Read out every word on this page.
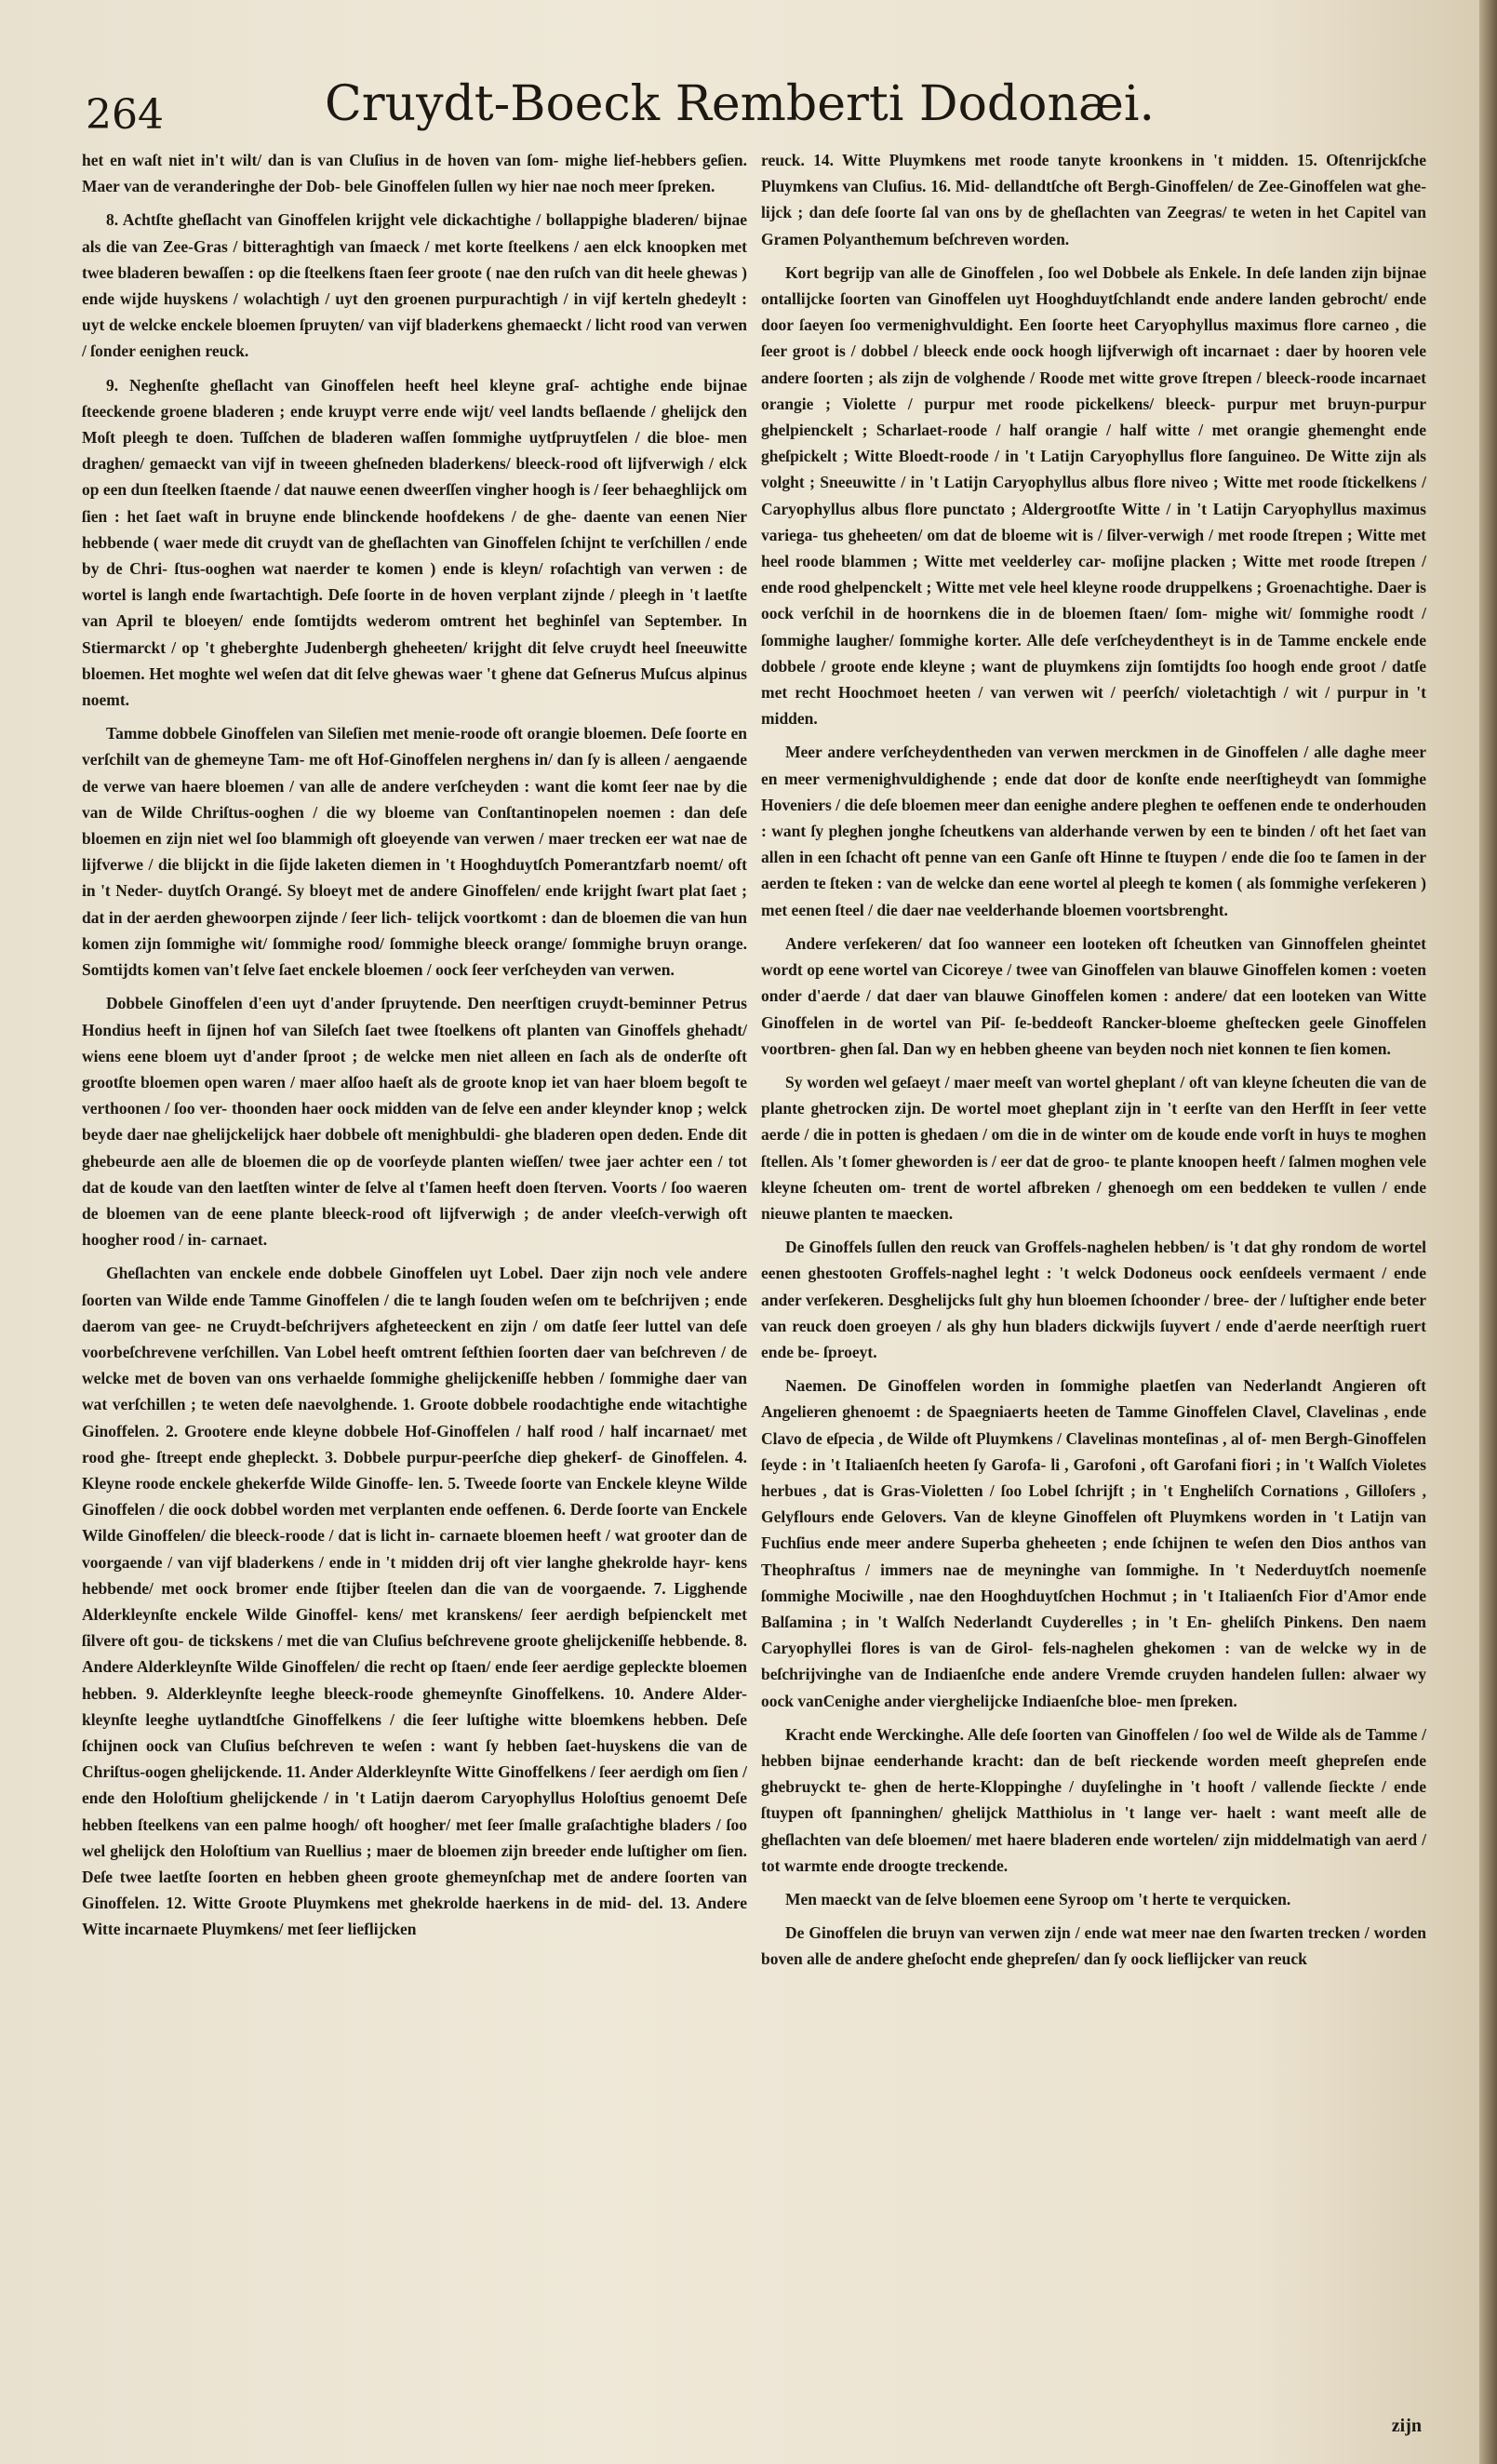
264	Cruydt-Boeck Remberti Dodonæi.

het en waſt niet in't wilt/ dan is van Cluſius in de hoven van ſom- mighe lief-hebbers geſien. Maer van de veranderinghe der Dob- bele Ginoffelen ſullen wy hier nae noch meer ſpreken.

8. Achtſte gheſlacht van Ginoffelen krijght vele dickachtighe / bollappighe bladeren/ bijnae als die van Zee-Gras / bitteraghtigh van ſmaeck / met korte ſteelkens / aen elck knoopken met twee bladeren bewaſſen : op die ſteelkens ſtaen ſeer groote ( nae den ruſch van dit heele ghewas ) ende wijde huyskens / wolachtigh / uyt den groenen purpurachtigh / in vijf kerteln ghedeylt : uyt de welcke enckele bloemen ſpruyten/ van vijf bladerkens ghemaeckt / licht rood van verwen / ſonder eenighen reuck.

9. Neghenſte gheſlacht van Ginoffelen heeft heel kleyne graſ- achtighe ende bijnae ſteeckende groene bladeren ; ende kruypt verre ende wijt/ veel landts beſlaende / ghelijck den Moſt pleegh te doen. Tuſſchen de bladeren waſſen ſommighe uytſpruytſelen / die bloe- men draghen/ gemaeckt van vijf in tweeen gheſneden bladerkens/ bleeck-rood oft lijfverwigh / elck op een dun ſteelken ſtaende / dat nauwe eenen dweerſſen vingher hoogh is / ſeer behaeghlijck om ſien : het ſaet waſt in bruyne ende blinckende hoofdekens / de ghe- daente van eenen Nier hebbende ( waer mede dit cruydt van de gheſlachten van Ginoffelen ſchijnt te verſchillen / ende by de Chri- ſtus-ooghen wat naerder te komen ) ende is kleyn/ roſachtigh van verwen : de wortel is langh ende ſwartachtigh. Deſe ſoorte in de hoven verplant zijnde / pleegh in 't laetſte van April te bloeyen/ ende ſomtijdts wederom omtrent het beghinſel van September. In Stiermarckt / op 't gheberghte Judenbergh gheheeten/ krijght dit ſelve cruydt heel ſneeuwitte bloemen. Het moghte wel weſen dat dit ſelve ghewas waer 't ghene dat Geſnerus Muſcus alpinus noemt.

Tamme dobbele Ginoffelen van Sileſien met menie-roode oft orangie bloemen. Deſe ſoorte en verſchilt van de ghemeyne Tam- me oft Hof-Ginoffelen nerghens in/ dan ſy is alleen / aengaende de verwe van haere bloemen / van alle de andere verſcheyden : want die komt ſeer nae by die van de Wilde Chriſtus-ooghen / die wy bloeme van Conſtantinopelen noemen : dan deſe bloemen en zijn niet wel ſoo blammigh oft gloeyende van verwen / maer trecken eer wat nae de lijfverwe / die blijckt in die ſijde laketen diemen in 't Hooghduytſch Pomerantzfarb noemt/ oft in 't Neder- duytſch Orangé. Sy bloeyt met de andere Ginoffelen/ ende krijght ſwart plat ſaet ; dat in der aerden ghewoorpen zijnde / ſeer lich- telijck voortkomt : dan de bloemen die van hun komen zijn ſommighe wit/ ſommighe rood/ ſommighe bleeck orange/ ſommighe bruyn orange. Somtijdts komen van't ſelve ſaet enckele bloemen / oock ſeer verſcheyden van verwen.

Dobbele Ginoffelen d'een uyt d'ander ſpruytende. Den neerſtigen cruydt-beminner Petrus Hondius heeft in ſijnen hof van Sileſch ſaet twee ſtoelkens oft planten van Ginoffels ghehadt/ wiens eene bloem uyt d'ander ſproot ; de welcke men niet alleen en ſach als de onderſte oft grootſte bloemen open waren / maer alſoo haeſt als de groote knop iet van haer bloem begoſt te verthoonen / ſoo ver- thoonden haer oock midden van de ſelve een ander kleynder knop ; welck beyde daer nae ghelijckelijck haer dobbele oft menighbuldi- ghe bladeren open deden. Ende dit ghebeurde aen alle de bloemen die op de voorſeyde planten wieſſen/ twee jaer achter een / tot dat de koude van den laetſten winter de ſelve al t'ſamen heeft doen ſterven. Voorts / ſoo waeren de bloemen van de eene plante bleeck-rood oft lijfverwigh ; de ander vleeſch-verwigh oft hoogher rood / in- carnaet.

Gheſlachten van enckele ende dobbele Ginoffelen uyt Lobel. Daer zijn noch vele andere ſoorten van Wilde ende Tamme Ginoffelen / die te langh ſouden weſen om te beſchrijven ; ende daerom van gee- ne Cruydt-beſchrijvers afgheteeckent en zijn / om datſe ſeer luttel van deſe voorbeſchrevene verſchillen. Van Lobel heeft omtrent ſeſthien ſoorten daer van beſchreven / de welcke met de boven van ons verhaelde ſommighe ghelijckeniſſe hebben / ſommighe daer van wat verſchillen ; te weten deſe naevolghende. 1. Groote dobbele roodachtighe ende witachtighe Ginoffelen. 2. Grootere ende kleyne dobbele Hof-Ginoffelen / half rood / half incarnaet/ met rood ghe- ſtreept ende ghepleckt. 3. Dobbele purpur-peerſche diep ghekerf- de Ginoffelen. 4. Kleyne roode enckele ghekerfde Wilde Ginoffe- len. 5. Tweede ſoorte van Enckele kleyne Wilde Ginoffelen / die oock dobbel worden met verplanten ende oeffenen. 6. Derde ſoorte van Enckele Wilde Ginoffelen/ die bleeck-roode / dat is licht in- carnaete bloemen heeft / wat grooter dan de voorgaende / van vijf bladerkens / ende in 't midden drij oft vier langhe ghekrolde hayr- kens hebbende/ met oock bromer ende ſtijber ſteelen dan die van de voorgaende. 7. Ligghende Alderkleynſte enckele Wilde Ginoffel- kens/ met kranskens/ ſeer aerdigh beſpienckelt met ſilvere oft gou- de tickskens / met die van Cluſius beſchrevene groote ghelijckeniſſe hebbende. 8. Andere Alderkleynſte Wilde Ginoffelen/ die recht op ſtaen/ ende ſeer aerdige gepleckte bloemen hebben. 9. Alderkleynſte leeghe bleeck-roode ghemeynſte Ginoffelkens. 10. Andere Alder- kleynſte leeghe uytlandtſche Ginoffelkens / die ſeer luſtighe witte bloemkens hebben. Deſe ſchijnen oock van Cluſius beſchreven te weſen : want ſy hebben ſaet-huyskens die van de Chriſtus-oogen ghelijckende. 11. Ander Alderkleynſte Witte Ginoffelkens / ſeer aerdigh om ſien / ende den Holoſtium ghelijckende / in 't Latijn daerom Caryophyllus Holoſtius genoemt Deſe hebben ſteelkens van een palme hoogh/ oft hoogher/ met ſeer ſmalle graſachtighe bladers / ſoo wel ghelijck den Holoſtium van Ruellius ; maer de bloemen zijn breeder ende luſtigher om ſien. Deſe twee laetſte ſoorten en hebben gheen groote ghemeynſchap met de andere ſoorten van Ginoffelen. 12. Witte Groote Pluymkens met ghekrolde haerkens in de mid- del. 13. Andere Witte incarnaete Pluymkens/ met ſeer lieflijcken

reuck. 14. Witte Pluymkens met roode tanyte kroonkens in 't midden. 15. Oſtenrijckſche Pluymkens van Cluſius. 16. Mid- dellandtſche oft Bergh-Ginoffelen/ de Zee-Ginoffelen wat ghe- lijck ; dan deſe ſoorte ſal van ons by de gheſlachten van Zeegras/ te weten in het Capitel van Gramen Polyanthemum beſchreven worden.

Kort begrijp van alle de Ginoffelen , ſoo wel Dobbele als Enkele. In deſe landen zijn bijnae ontallijcke ſoorten van Ginoffelen uyt Hooghduytſchlandt ende andere landen gebrocht/ ende door ſaeyen ſoo vermenighvuldight. Een ſoorte heet Caryophyllus maximus flore carneo , die ſeer groot is / dobbel / bleeck ende oock hoogh lijfverwigh oft incarnaet : daer by hooren vele andere ſoorten ; als zijn de volghende / Roode met witte grove ſtrepen / bleeck-roode incarnaet orangie ; Violette / purpur met roode pickelkens/ bleeck- purpur met bruyn-purpur ghelpienckelt ; Scharlaet-roode / half orangie / half witte / met orangie ghemenght ende gheſpickelt ; Witte Bloedt-roode / in 't Latijn Caryophyllus flore ſanguineo. De Witte zijn als volght ; Sneeuwitte / in 't Latijn Caryophyllus albus flore niveo ; Witte met roode ſtickelkens / Caryophyllus albus flore punctato ; Aldergrootſte Witte / in 't Latijn Caryophyllus maximus variega- tus gheheeten/ om dat de bloeme wit is / ſilver-verwigh / met roode ſtrepen ; Witte met heel roode blammen ; Witte met veelderley car- moſijne placken ; Witte met roode ſtrepen / ende rood ghelpenckelt ; Witte met vele heel kleyne roode druppelkens ; Groenachtighe. Daer is oock verſchil in de hoornkens die in de bloemen ſtaen/ ſom- mighe wit/ ſommighe roodt / ſommighe laugher/ ſommighe korter. Alle deſe verſcheydentheyt is in de Tamme enckele ende dobbele / groote ende kleyne ; want de pluymkens zijn ſomtijdts ſoo hoogh ende groot / datſe met recht Hoochmoet heeten / van verwen wit / peerſch/ violetachtigh / wit / purpur in 't midden.

Meer andere verſcheydentheden van verwen merckmen in de Ginoffelen / alle daghe meer en meer vermenighvuldighende ; ende dat door de konſte ende neerſtigheydt van ſommighe Hoveniers / die deſe bloemen meer dan eenighe andere pleghen te oeffenen ende te onderhouden : want ſy pleghen jonghe ſcheutkens van alderhande verwen by een te binden / oft het ſaet van allen in een ſchacht oft penne van een Ganſe oft Hinne te ſtuypen / ende die ſoo te ſamen in der aerden te ſteken : van de welcke dan eene wortel al pleegh te komen ( als ſommighe verſekeren ) met eenen ſteel / die daer nae veelderhande bloemen voortsbrenght.

Andere verſekeren/ dat ſoo wanneer een looteken oft ſcheutken van Ginnoffelen gheintet wordt op eene wortel van Cicoreye / twee van Ginoffelen van blauwe Ginoffelen komen : voeten onder d'aerde / dat daer van blauwe Ginoffelen komen : andere/ dat een looteken van Witte Ginoffelen in de wortel van Piſ- ſe-beddeoft Rancker-bloeme gheſtecken geele Ginoffelen voortbren- ghen ſal. Dan wy en hebben gheene van beyden noch niet konnen te ſien komen.

Sy worden wel geſaeyt / maer meeſt van wortel gheplant / oft van kleyne ſcheuten die van de plante ghetrocken zijn. De wortel moet gheplant zijn in 't eerſte van den Herfſt in ſeer vette aerde / die in potten is ghedaen / om die in de winter om de koude ende vorſt in huys te moghen ſtellen. Als 't ſomer gheworden is / eer dat de groo- te plante knoopen heeft / ſalmen moghen vele kleyne ſcheuten om- trent de wortel afbreken / ghenoegh om een beddeken te vullen / ende nieuwe planten te maecken.

De Ginoffels ſullen den reuck van Groffels-naghelen hebben/ is 't dat ghy rondom de wortel eenen ghestooten Groffels-naghel leght : 't welck Dodoneus oock eenſdeels vermaent / ende ander verſekeren. Desghelijcks ſult ghy hun bloemen ſchoonder / bree- der / luſtigher ende beter van reuck doen groeyen / als ghy hun bladers dickwijls ſuyvert / ende d'aerde neerſtigh ruert ende be- ſproeyt.

Naemen. De Ginoffelen worden in ſommighe plaetſen van Nederlandt Angieren oft Angelieren ghenoemt : de Spaegniaerts heeten de Tamme Ginoffelen Clavel, Clavelinas , ende Clavo de eſpecia , de Wilde oft Pluymkens / Clavelinas monteſinas , al of- men Bergh-Ginoffelen ſeyde : in 't Italiaenſch heeten ſy Garofa- li , Garofoni , oft Garofani fiori ; in 't Walſch Violetes herbues , dat is Gras-Violetten / ſoo Lobel ſchrijft ; in 't Engheliſch Cornations , Gilloſers , Gelyflours ende Gelovers. Van de kleyne Ginoffelen oft Pluymkens worden in 't Latijn van Fuchſius ende meer andere Superba gheheeten ; ende ſchijnen te weſen den Dios anthos van Theophraſtus / immers nae de meyninghe van ſommighe. In 't Nederduytſch noemenſe ſommighe Mociwille , nae den Hooghduytſchen Hochmut ; in 't Italiaenſch Fior d'Amor ende Balſamina ; in 't Walſch Nederlandt Cuyderelles ; in 't En- gheliſch Pinkens. Den naem Caryophyllei flores is van de Girol- fels-naghelen ghekomen : van de welcke wy in de beſchrijvinghe van de Indiaenſche ende andere Vremde cruyden handelen ſullen: alwaer wy oock vanCenighe ander vierghelijcke Indiaenſche bloe- men ſpreken.

Kracht ende Werckinghe. Alle deſe ſoorten van Ginoffelen / ſoo wel de Wilde als de Tamme / hebben bijnae eenderhande kracht: dan de beſt rieckende worden meeſt ghepreſen ende ghebruyckt te- ghen de herte-Kloppinghe / duyſelinghe in 't hooft / vallende ſieckte / ende ſtuypen oft ſpanninghen/ ghelijck Matthiolus in 't lange ver- haelt : want meeſt alle de gheſlachten van deſe bloemen/ met haere bladeren ende wortelen/ zijn middelmatigh van aerd / tot warmte ende droogte treckende.

Men maeckt van de ſelve bloemen eene Syroop om 't herte te verquicken.

De Ginoffelen die bruyn van verwen zijn / ende wat meer nae den ſwarten trecken / worden boven alle de andere gheſocht ende ghepreſen/ dan ſy oock lieflijcker van reuck

zijn
